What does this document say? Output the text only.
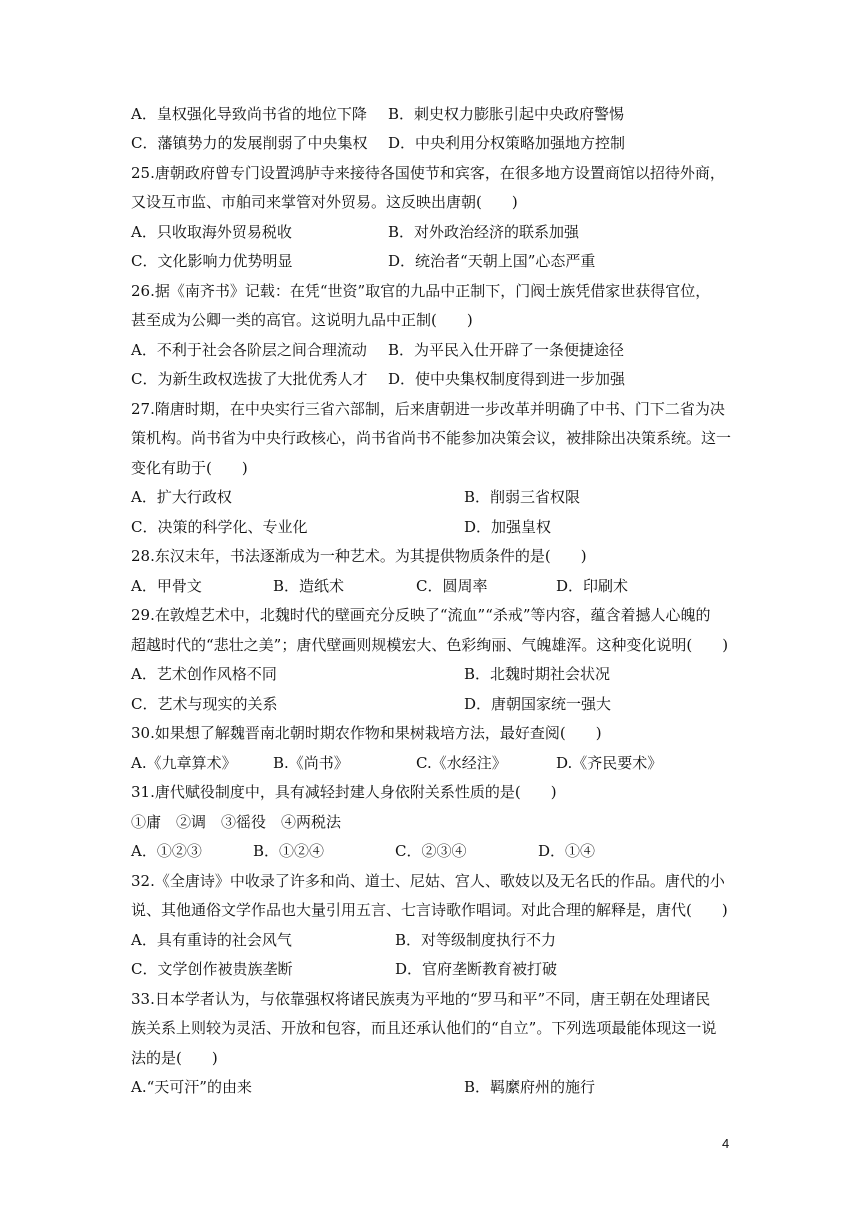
A．皇权强化导致尚书省的地位下降 B．刺史权力膨胀引起中央政府警惕
C．藩镇势力的发展削弱了中央集权 D．中央利用分权策略加强地方控制
25.唐朝政府曾专门设置鸿胪寺来接待各国使节和宾客，在很多地方设置商馆以招待外商，
又设互市监、市舶司来掌管对外贸易。这反映出唐朝(　　)
A．只收取海外贸易税收	B．对外政治经济的联系加强
C．文化影响力优势明显	D．统治者“天朝上国”心态严重
26.据《南齐书》记载：在凭“世资”取官的九品中正制下，门阀士族凭借家世获得官位，
甚至成为公卿一类的高官。这说明九品中正制(　　)
A．不利于社会各阶层之间合理流动 B．为平民入仕开辟了一条便捷途径
C．为新生政权选拔了大批优秀人才 D．使中央集权制度得到进一步加强
27.隋唐时期，在中央实行三省六部制，后来唐朝进一步改革并明确了中书、门下二省为决
策机构。尚书省为中央行政核心，尚书省尚书不能参加决策会议，被排除出决策系统。这一
变化有助于(　　)
A．扩大行政权	B．削弱三省权限
C．决策的科学化、专业化	D．加强皇权
28.东汉末年，书法逐渐成为一种艺术。为其提供物质条件的是(　　)
A．甲骨文	B．造纸术	C．圆周率	D．印刷术
29.在敦煌艺术中，北魏时代的壁画充分反映了“流血”“杀戒”等内容，蕴含着撼人心魄的
超越时代的“悲壮之美”；唐代壁画则规模宏大、色彩绚丽、气魄雄浑。这种变化说明(　　)
A．艺术创作风格不同	B．北魏时期社会状况
C．艺术与现实的关系	D．唐朝国家统一强大
30.如果想了解魏晋南北朝时期农作物和果树栽培方法，最好查阅(　　)
A.《九章算术》 B.《尚书》	C.《水经注》	D.《齐民要术》
31.唐代赋役制度中，具有减轻封建人身依附关系性质的是(　　)
①庸　②调　③徭役　④两税法
A．①②③	B．①②④	C．②③④	D．①④
32.《全唐诗》中收录了许多和尚、道士、尼姑、宫人、歌妓以及无名氏的作品。唐代的小
说、其他通俗文学作品也大量引用五言、七言诗歌作唱词。对此合理的解释是，唐代(　　)
A．具有重诗的社会风气	B．对等级制度执行不力
C．文学创作被贵族垄断	D．官府垄断教育被打破
33.日本学者认为，与依靠强权将诸民族夷为平地的“罗马和平”不同，唐王朝在处理诸民
族关系上则较为灵活、开放和包容，而且还承认他们的“自立”。下列选项最能体现这一说
法的是(　　)
A.“天可汗”的由来	B．羁縻府州的施行
4
